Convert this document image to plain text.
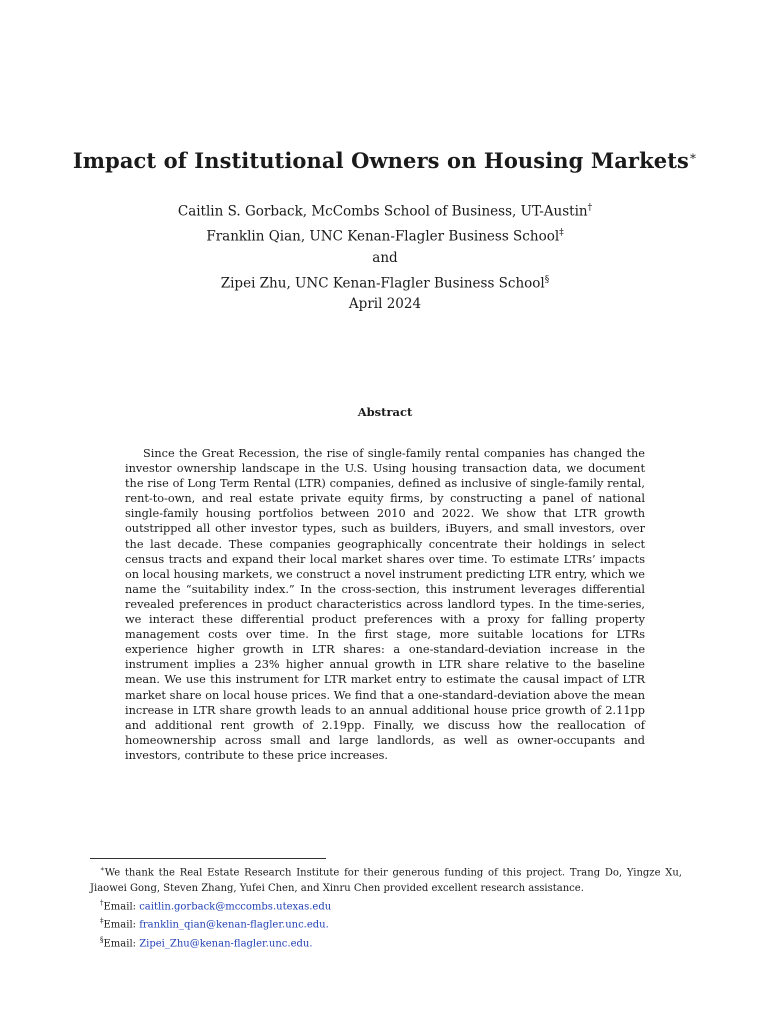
Impact of Institutional Owners on Housing Markets∗
Caitlin S. Gorback, McCombs School of Business, UT-Austin†
Franklin Qian, UNC Kenan-Flagler Business School‡
and
Zipei Zhu, UNC Kenan-Flagler Business School§
April 2024
Abstract

Since the Great Recession, the rise of single-family rental companies has changed the investor ownership landscape in the U.S. Using housing transaction data, we document the rise of Long Term Rental (LTR) companies, defined as inclusive of single-family rental, rent-to-own, and real estate private equity firms, by constructing a panel of national single-family housing portfolios between 2010 and 2022. We show that LTR growth outstripped all other investor types, such as builders, iBuyers, and small investors, over the last decade. These companies geographically concentrate their holdings in select census tracts and expand their local market shares over time. To estimate LTRs’ impacts on local housing markets, we construct a novel instrument predicting LTR entry, which we name the “suitability index.” In the cross-section, this instrument leverages differential revealed preferences in product characteristics across landlord types. In the time-series, we interact these differential product preferences with a proxy for falling property management costs over time. In the first stage, more suitable locations for LTRs experience higher growth in LTR shares: a one-standard-deviation increase in the instrument implies a 23% higher annual growth in LTR share relative to the baseline mean. We use this instrument for LTR market entry to estimate the causal impact of LTR market share on local house prices. We find that a one-standard-deviation above the mean increase in LTR share growth leads to an annual additional house price growth of 2.11pp and additional rent growth of 2.19pp. Finally, we discuss how the reallocation of homeownership across small and large landlords, as well as owner-occupants and investors, contribute to these price increases.

∗We thank the Real Estate Research Institute for their generous funding of this project. Trang Do, Yingze Xu, Jiaowei Gong, Steven Zhang, Yufei Chen, and Xinru Chen provided excellent research assistance.

†Email: caitlin.gorback@mccombs.utexas.edu

‡Email: franklin_qian@kenan-flagler.unc.edu.

§Email: Zipei_Zhu@kenan-flagler.unc.edu.
